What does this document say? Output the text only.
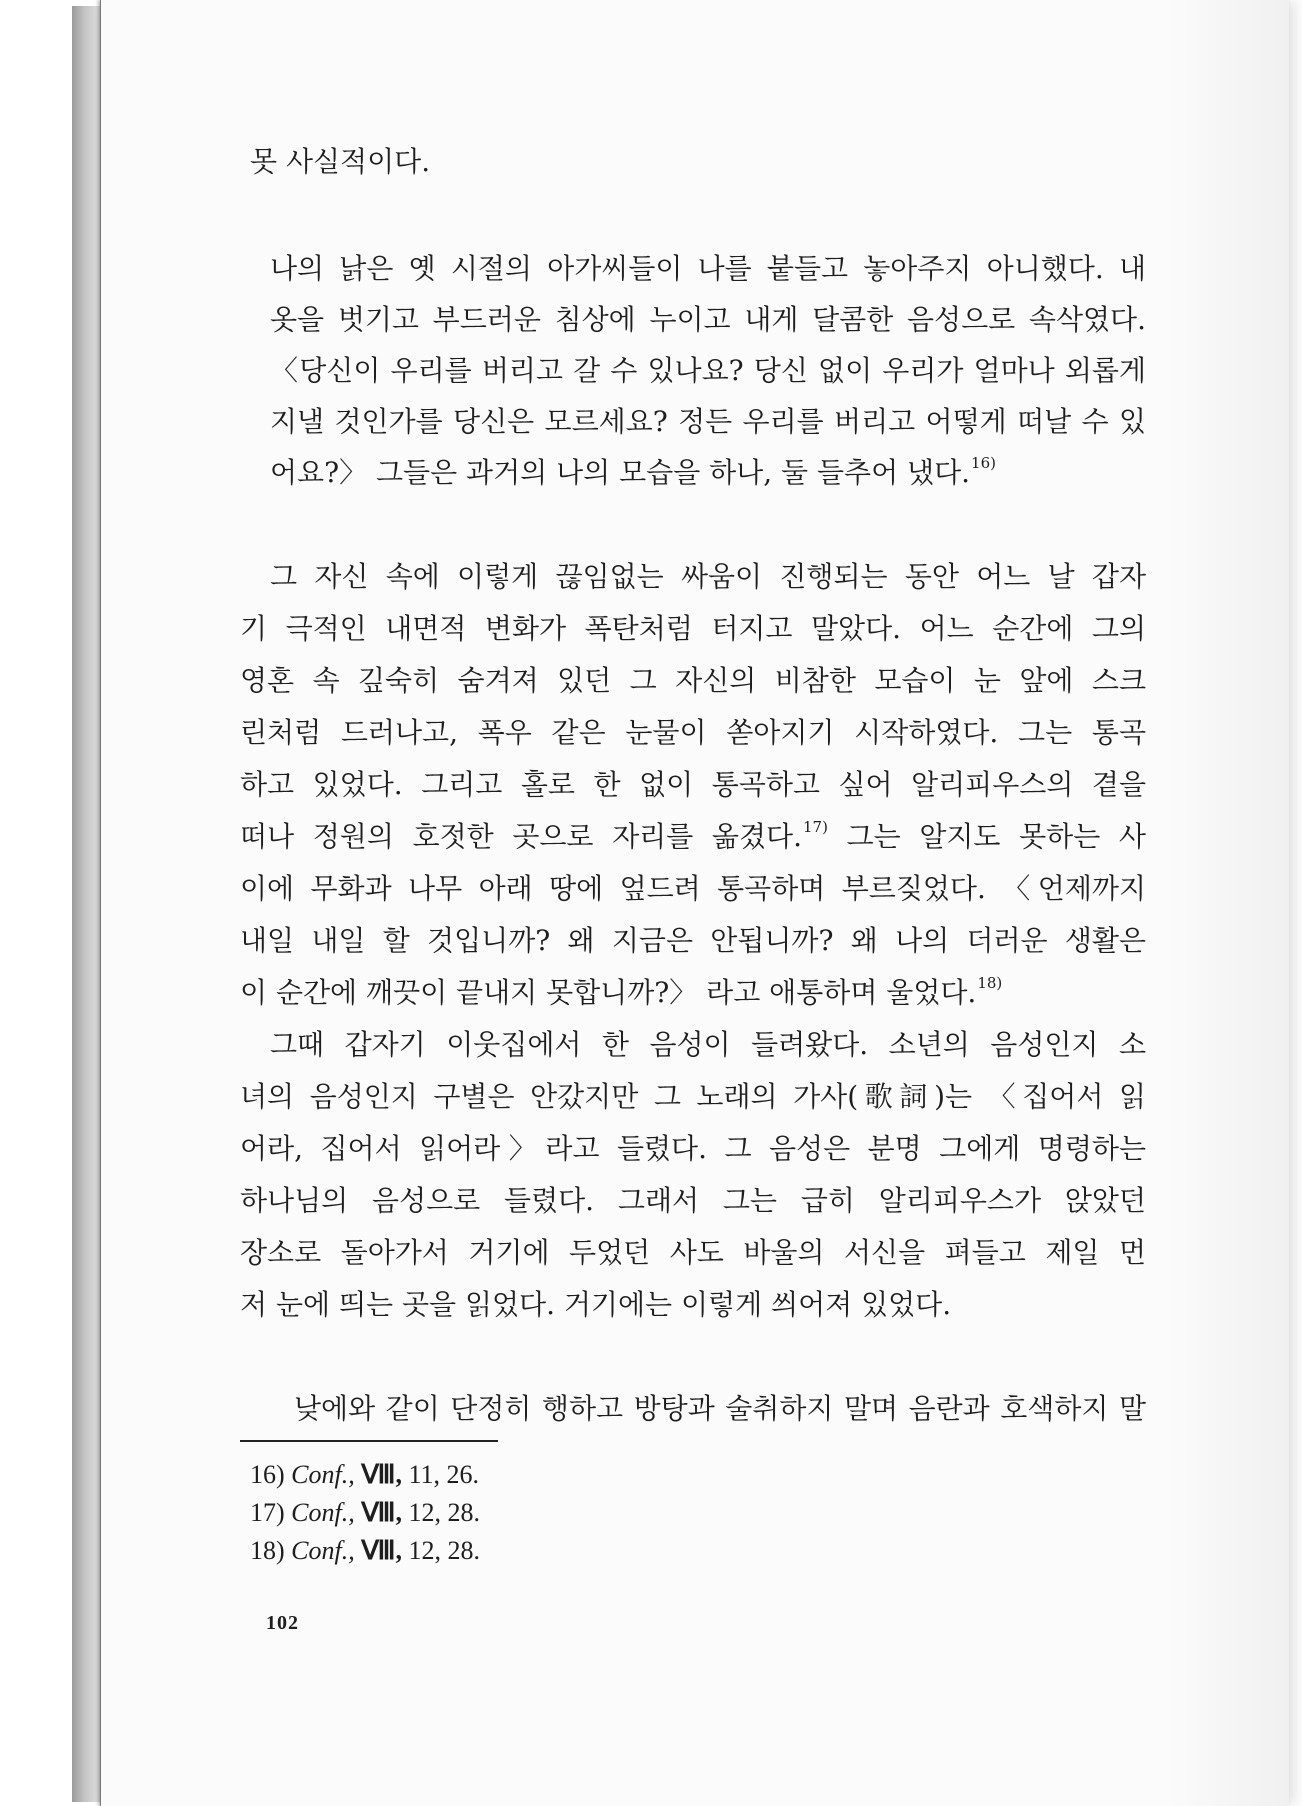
못 사실적이다.
나의 낡은 옛 시절의 아가씨들이 나를 붙들고 놓아주지 아니했다. 내
옷을 벗기고 부드러운 침상에 누이고 내게 달콤한 음성으로 속삭였다.
〈당신이 우리를 버리고 갈 수 있나요? 당신 없이 우리가 얼마나 외롭게
지낼 것인가를 당신은 모르세요? 정든 우리를 버리고 어떻게 떠날 수 있
어요?〉 그들은 과거의 나의 모습을 하나, 둘 들추어 냈다.$^{16)}$
그 자신 속에 이렇게 끊임없는 싸움이 진행되는 동안 어느 날 갑자
기 극적인 내면적 변화가 폭탄처럼 터지고 말았다. 어느 순간에 그의
영혼 속 깊숙히 숨겨져 있던 그 자신의 비참한 모습이 눈 앞에 스크
린처럼 드러나고, 폭우 같은 눈물이 쏟아지기 시작하였다. 그는 통곡
하고 있었다. 그리고 홀로 한 없이 통곡하고 싶어 알리피우스의 곁을
떠나 정원의 호젓한 곳으로 자리를 옮겼다.$^{17)}$ 그는 알지도 못하는 사
이에 무화과 나무 아래 땅에 엎드려 통곡하며 부르짖었다. 〈언제까지
내일 내일 할 것입니까? 왜 지금은 안됩니까? 왜 나의 더러운 생활은
이 순간에 깨끗이 끝내지 못합니까?〉 라고 애통하며 울었다.$^{18)}$
그때 갑자기 이웃집에서 한 음성이 들려왔다. 소년의 음성인지 소
녀의 음성인지 구별은 안갔지만 그 노래의 가사(歌詞)는 〈집어서 읽
어라, 집어서 읽어라〉라고 들렸다. 그 음성은 분명 그에게 명령하는
하나님의 음성으로 들렸다. 그래서 그는 급히 알리피우스가 앉았던
장소로 돌아가서 거기에 두었던 사도 바울의 서신을 펴들고 제일 먼
저 눈에 띄는 곳을 읽었다. 거기에는 이렇게 씌어져 있었다.
낮에와 같이 단정히 행하고 방탕과 술취하지 말며 음란과 호색하지 말
16) Conf., Ⅷ, 11, 26.
17) Conf., Ⅷ, 12, 28.
18) Conf., Ⅷ, 12, 28.
102
